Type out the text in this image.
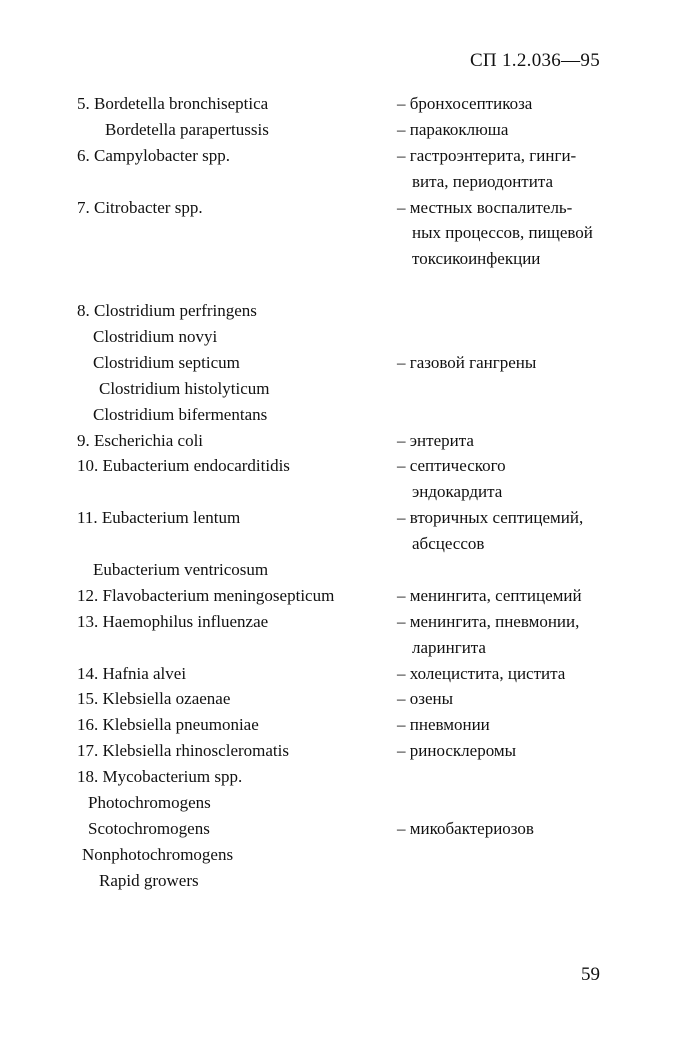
СП 1.2.036—95
5. Bordetella bronchiseptica	– бронхосептикоза
Bordetella parapertussis	– паракоклюша
6. Campylobacter spp.	– гастроэнтерита, гинги-
вита, периодонтита
7. Citrobacter spp.	– местных воспалитель-
ных процессов, пищевой
токсикоинфекции
8. Clostridium perfringens
Clostridium novyi
Clostridium septicum	– газовой гангрены
Clostridium histolyticum
Clostridium bifermentans
9. Escherichia coli	– энтерита
10. Eubacterium endocarditidis	– септического
эндокардита
11. Eubacterium lentum	– вторичных септицемий,
абсцессов
Eubacterium ventricosum
12. Flavobacterium meningosepticum	– менингита, септицемий
13. Haemophilus influenzae	– менингита, пневмонии,
ларингита
14. Hafnia alvei	– холецистита, цистита
15. Klebsiella ozaenae	– озены
16. Klebsiella pneumoniae	– пневмонии
17. Klebsiella rhinoscleromatis	– риносклеромы
18. Mycobacterium spp.
Photochromogens
Scotochromogens	– микобактериозов
Nonphotochromogens
Rapid growers
59
